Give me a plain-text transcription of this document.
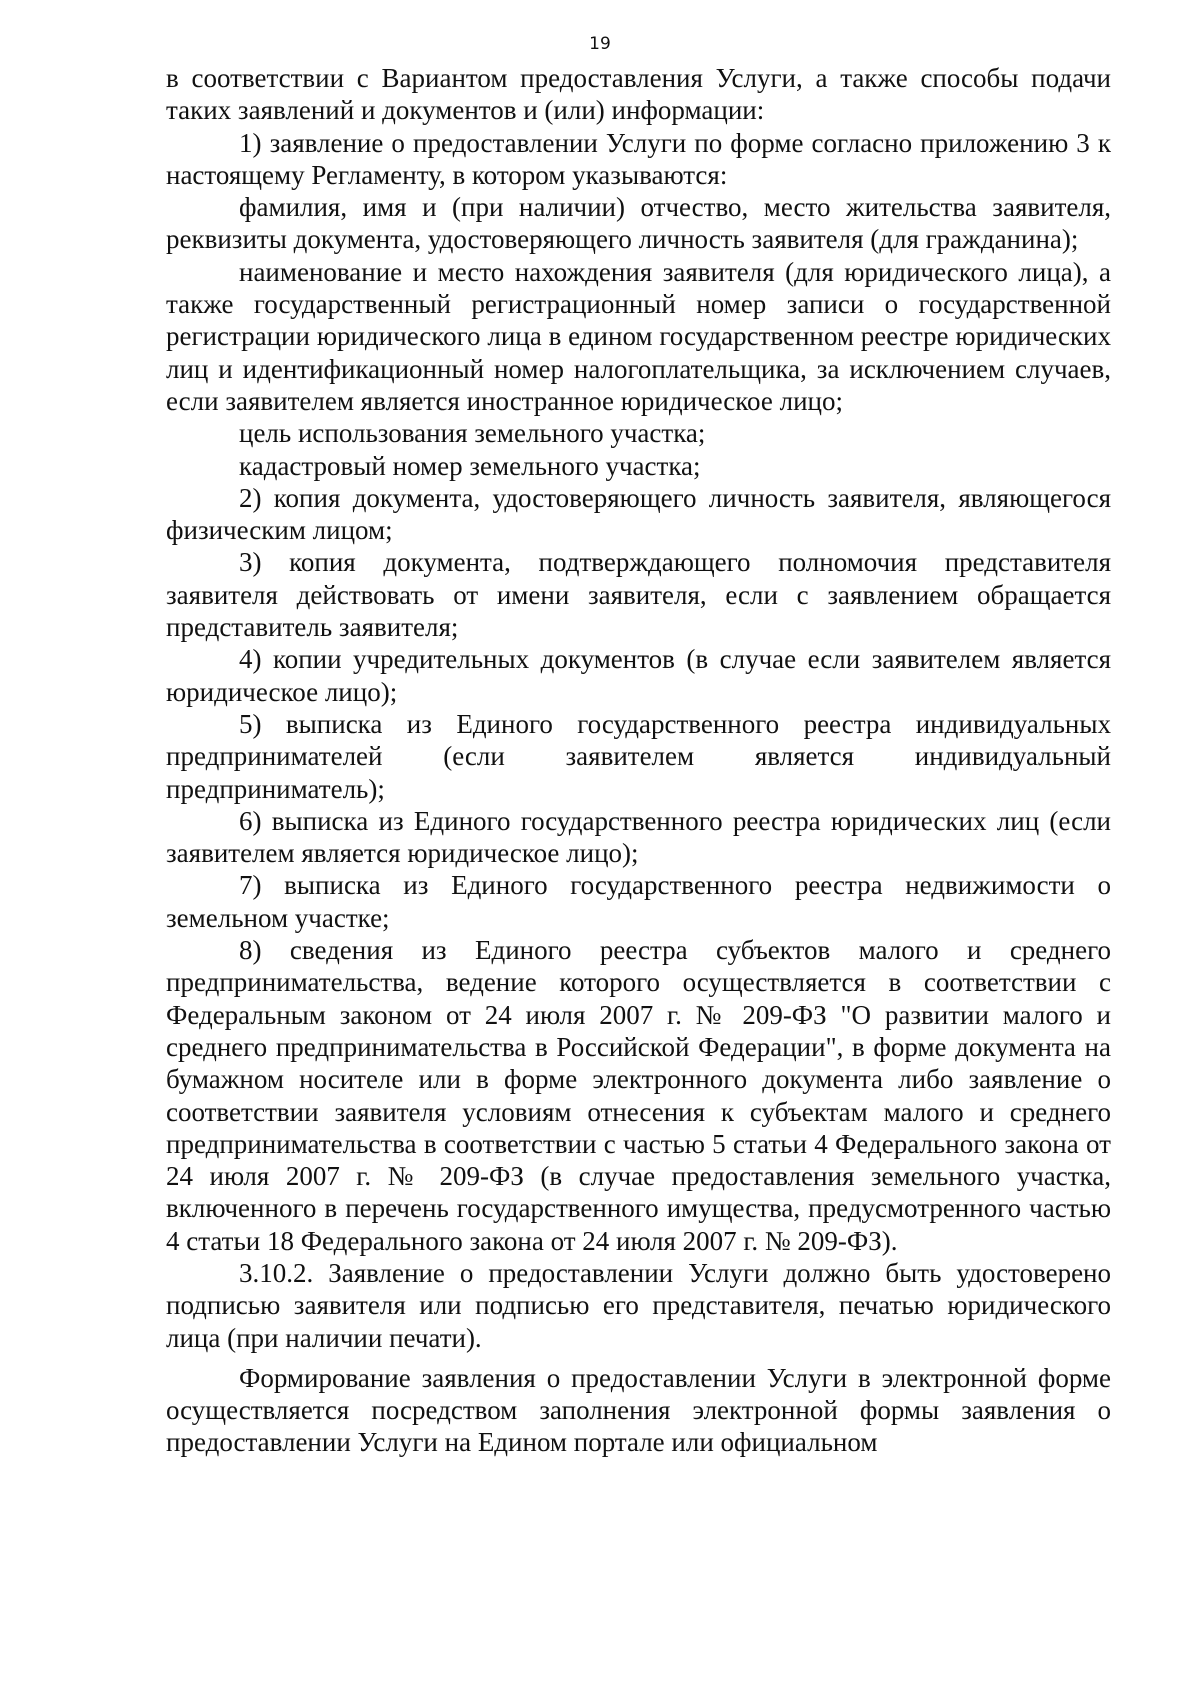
19

в соответствии с Вариантом предоставления Услуги, а также способы подачи таких заявлений и документов и (или) информации:

1) заявление о предоставлении Услуги по форме согласно приложению 3 к настоящему Регламенту, в котором указываются:

фамилия, имя и (при наличии) отчество, место жительства заявителя, реквизиты документа, удостоверяющего личность заявителя (для гражданина);

наименование и место нахождения заявителя (для юридического лица), а также государственный регистрационный номер записи о государственной регистрации юридического лица в едином государственном реестре юридических лиц и идентификационный номер налогоплательщика, за исключением случаев, если заявителем является иностранное юридическое лицо;

цель использования земельного участка;

кадастровый номер земельного участка;

2) копия документа, удостоверяющего личность заявителя, являющегося физическим лицом;

3) копия документа, подтверждающего полномочия представителя заявителя действовать от имени заявителя, если с заявлением обращается представитель заявителя;

4) копии учредительных документов (в случае если заявителем является юридическое лицо);

5) выписка из Единого государственного реестра индивидуальных предпринимателей (если заявителем является индивидуальный предприниматель);

6) выписка из Единого государственного реестра юридических лиц (если заявителем является юридическое лицо);

7) выписка из Единого государственного реестра недвижимости о земельном участке;

8) сведения из Единого реестра субъектов малого и среднего предпринимательства, ведение которого осуществляется в соответствии с Федеральным законом от 24 июля 2007 г. № 209-ФЗ "О развитии малого и среднего предпринимательства в Российской Федерации", в форме документа на бумажном носителе или в форме электронного документа либо заявление о соответствии заявителя условиям отнесения к субъектам малого и среднего предпринимательства в соответствии с частью 5 статьи 4 Федерального закона от 24 июля 2007 г. № 209-ФЗ (в случае предоставления земельного участка, включенного в перечень государственного имущества, предусмотренного частью 4 статьи 18 Федерального закона от 24 июля 2007 г. № 209-ФЗ).

3.10.2. Заявление о предоставлении Услуги должно быть удостоверено подписью заявителя или подписью его представителя, печатью юридического лица (при наличии печати).

Формирование заявления о предоставлении Услуги в электронной форме осуществляется посредством заполнения электронной формы заявления о предоставлении Услуги на Едином портале или официальном
